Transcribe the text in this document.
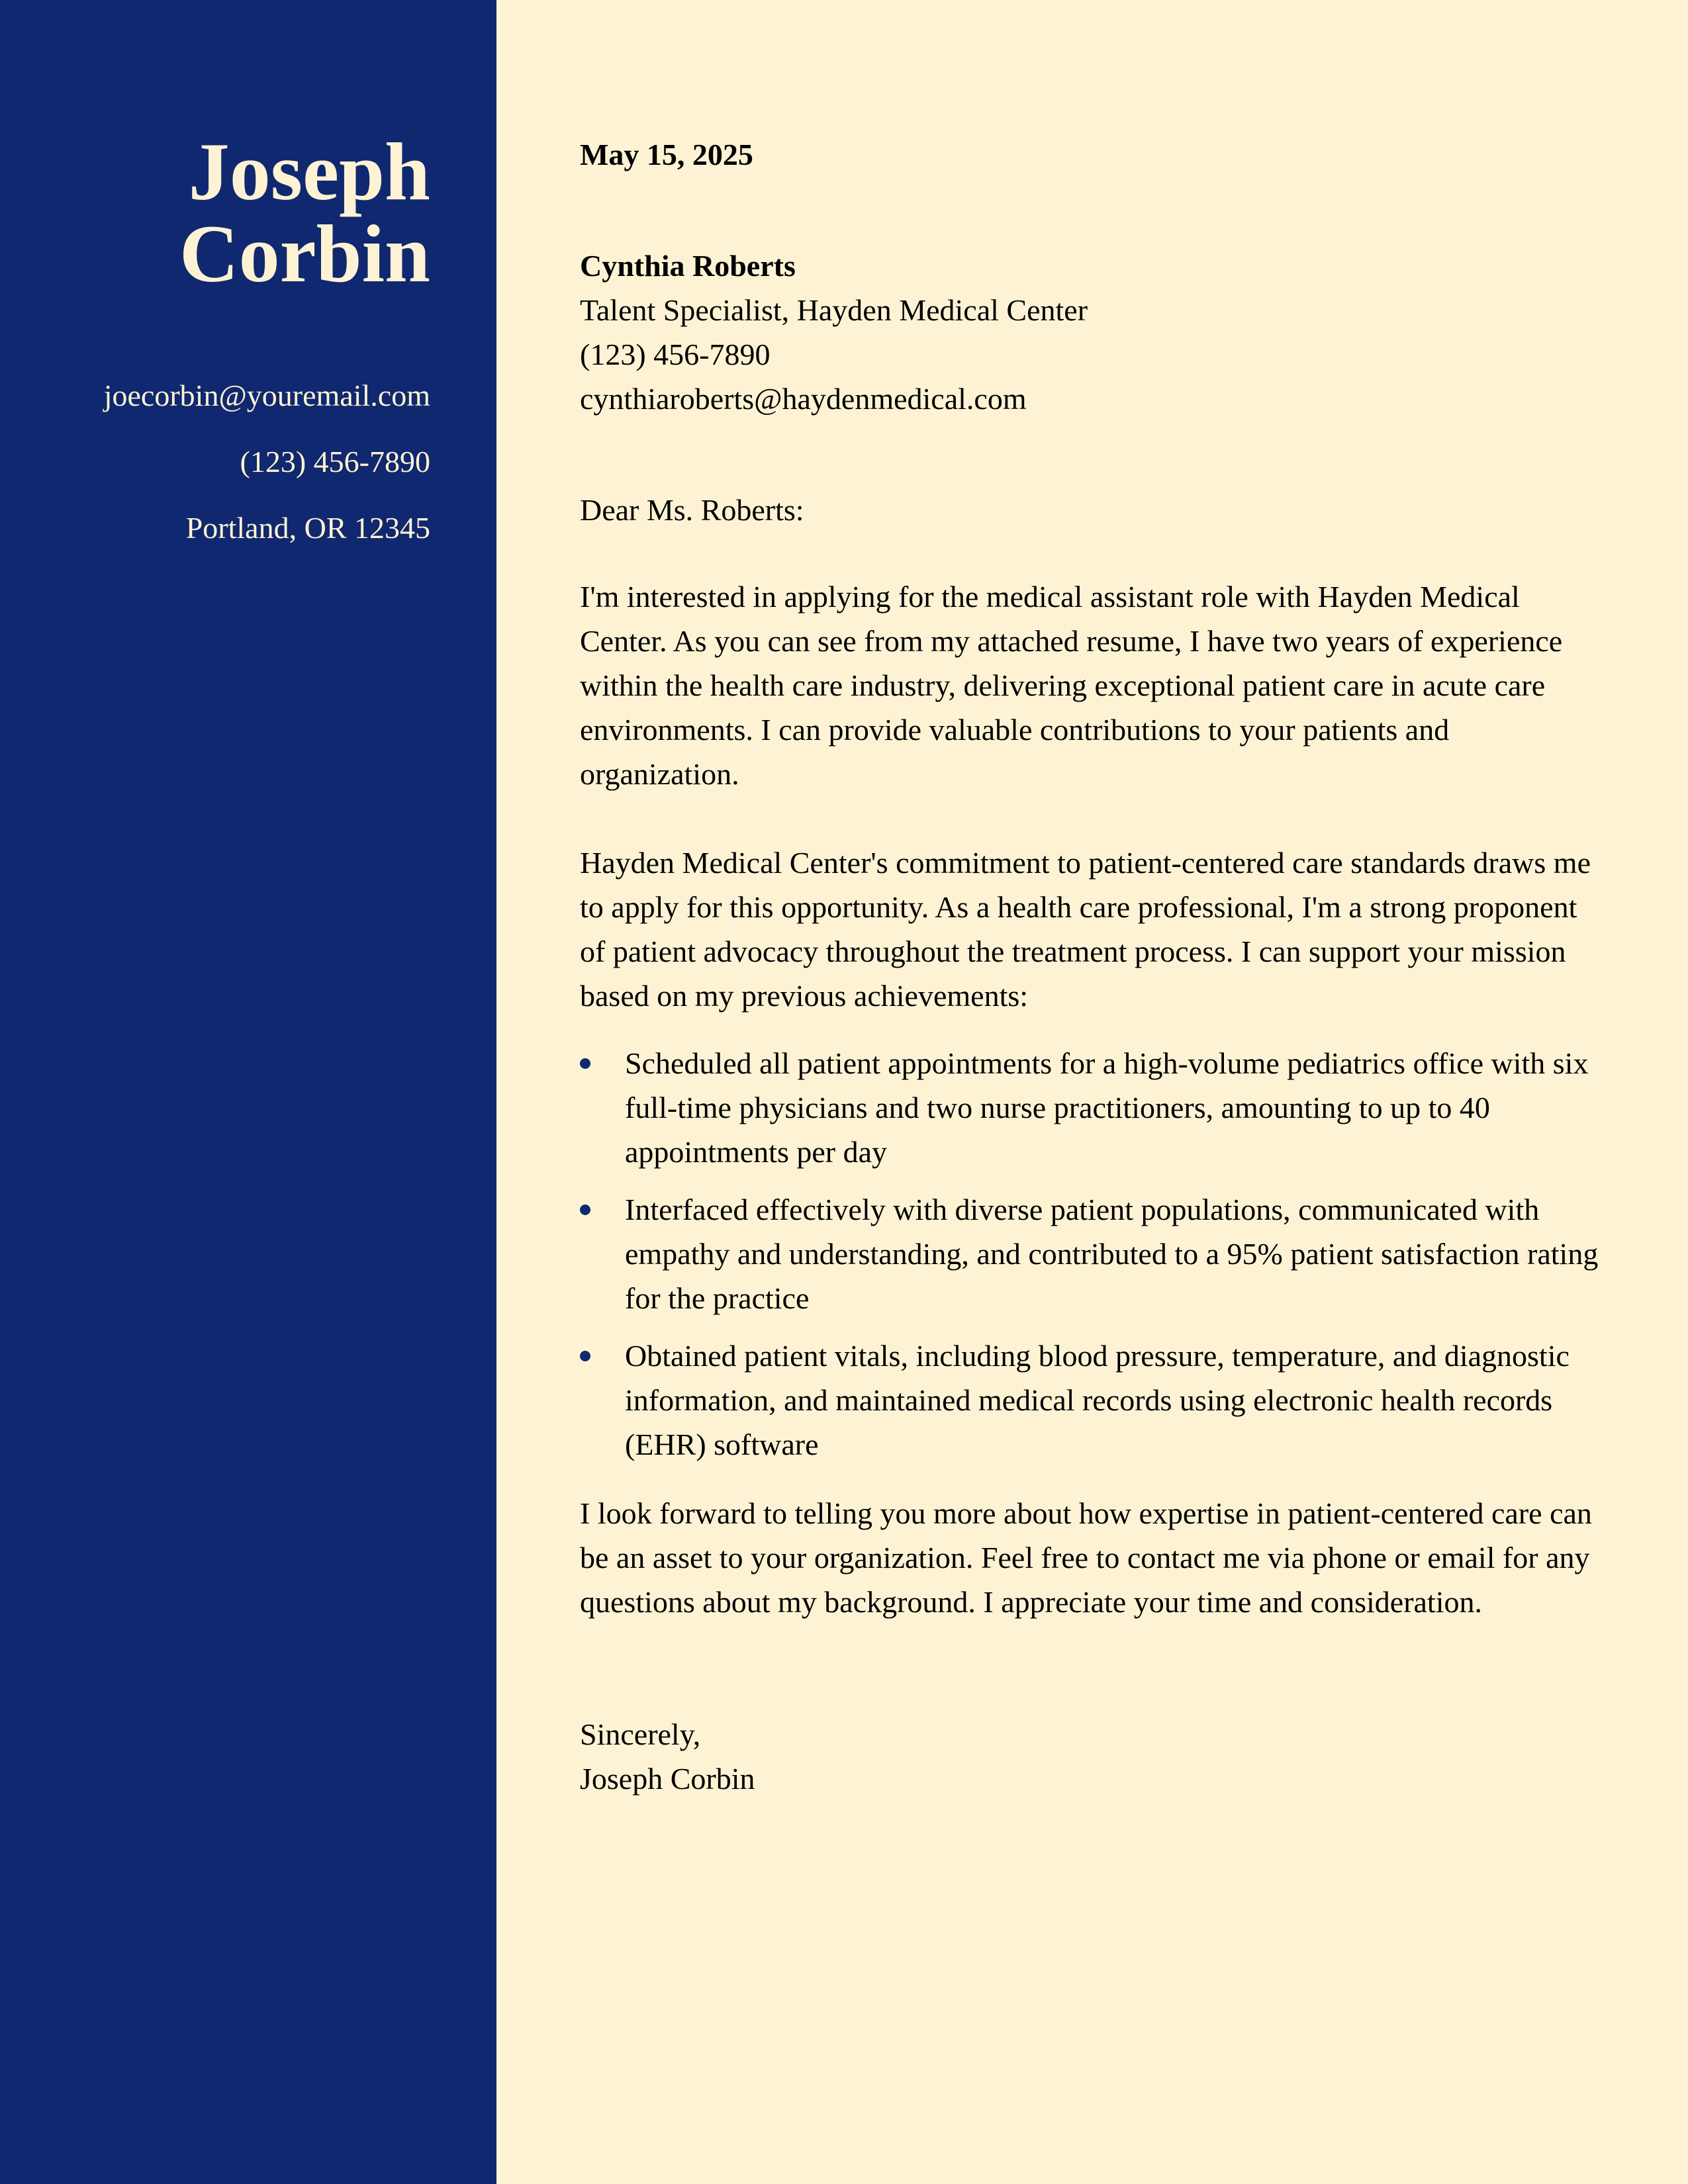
Joseph
Corbin
joecorbin@youremail.com
(123) 456-7890
Portland, OR 12345
May 15, 2025
Cynthia Roberts
Talent Specialist, Hayden Medical Center
(123) 456-7890
cynthiaroberts@haydenmedical.com
Dear Ms. Roberts:

I'm interested in applying for the medical assistant role with Hayden Medical Center. As you can see from my attached resume, I have two years of experience within the health care industry, delivering exceptional patient care in acute care environments. I can provide valuable contributions to your patients and organization.

Hayden Medical Center's commitment to patient-centered care standards draws me to apply for this opportunity. As a health care professional, I'm a strong proponent of patient advocacy throughout the treatment process. I can support your mission based on my previous achievements:

Scheduled all patient appointments for a high-volume pediatrics office with six full-time physicians and two nurse practitioners, amounting to up to 40 appointments per day
Interfaced effectively with diverse patient populations, communicated with empathy and understanding, and contributed to a 95% patient satisfaction rating for the practice
Obtained patient vitals, including blood pressure, temperature, and diagnostic information, and maintained medical records using electronic health records (EHR) software

I look forward to telling you more about how expertise in patient-centered care can be an asset to your organization. Feel free to contact me via phone or email for any questions about my background. I appreciate your time and consideration.

Sincerely,
Joseph Corbin
